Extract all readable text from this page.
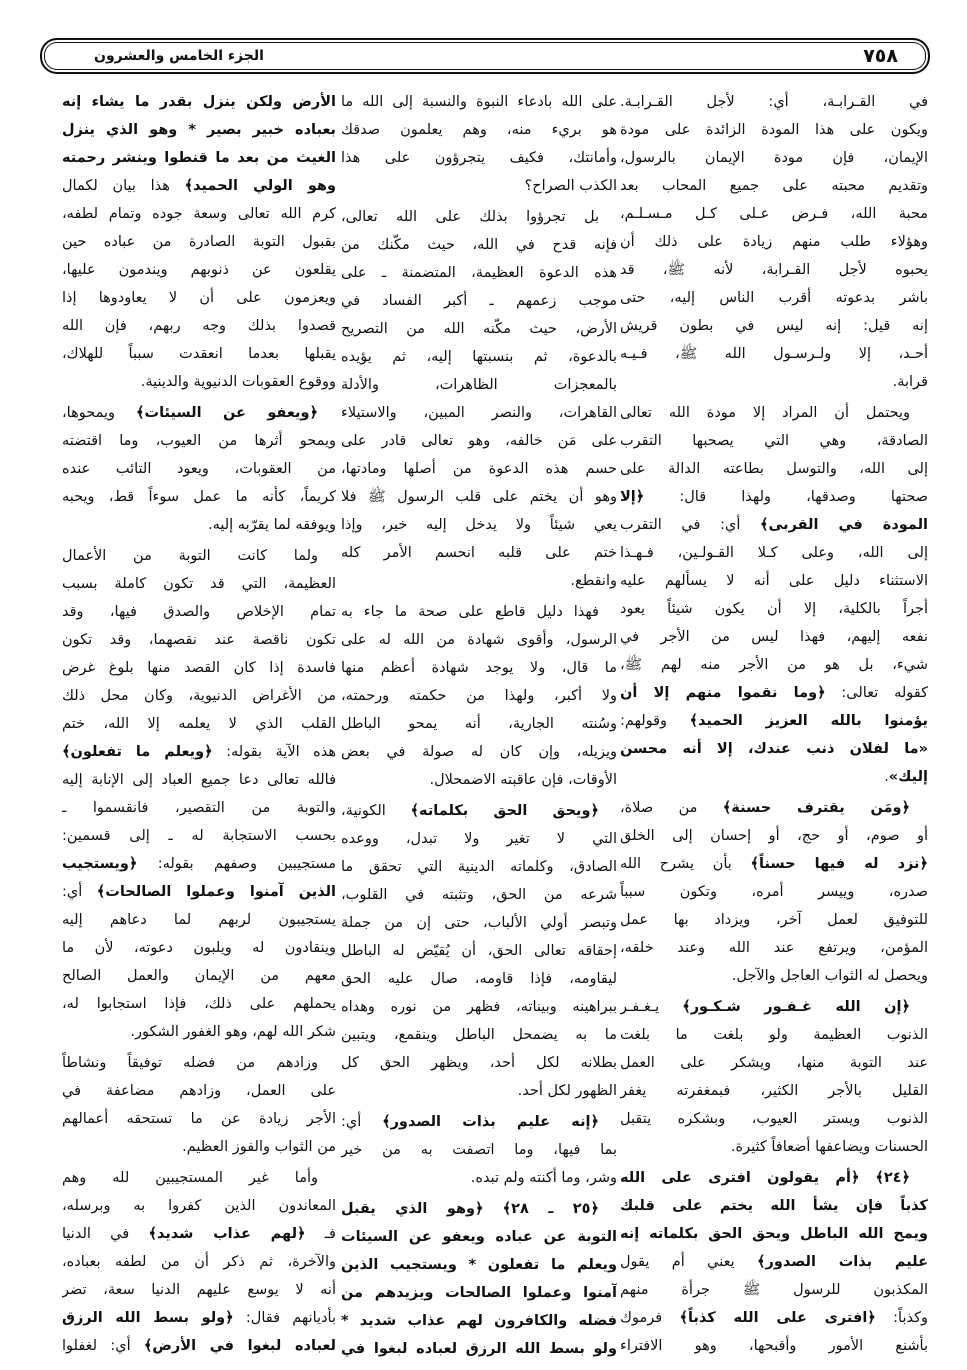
٧٥٨
الجزء الخامس والعشرون
في القـرابـة، أي: لأجل القـرابـة.
ويكون على هذا المودة الزائدة على مودة
الإيمان، فإن مودة الإيمان بالرسول،
وتقديم محبته على جميع المحاب بعد
محبة الله، فـرض عـلى كـل مـسـلـم،
وهؤلاء طلب منهم زيادة على ذلك أن
يحبوه لأجل القـرابة، لأنه ﷺ، قد
باشر بدعوته أقرب الناس إليه، حتى
إنه قيل: إنه ليس في بطون قريش
أحـد، إلا ولـرسـول الله ﷺ، فـيـه
قرابة.
ويحتمل أن المراد إلا مودة الله تعالى
الصادقة، وهي التي يصحبها التقرب
إلى الله، والتوسل بطاعته الدالة على
صحتها وصدقها، ولهذا قال: ﴿إلا
المودة في القربى﴾ أي: في التقرب
إلى الله، وعلى كـلا القـولـين، فـهـذا
الاستثناء دليل على أنه لا يسألهم عليه
أجراً بالكلية، إلا أن يكون شيئاً يعود
نفعه إليهم، فهذا ليس من الأجر في
شيء، بل هو من الأجر منه لهم ﷺ،
كقوله تعالى: ﴿وما نقموا منهم إلا أن
يؤمنوا بالله العزيز الحميد﴾ وقولهم:
«ما لفلان ذنب عندك، إلا أنه محسن
إليك».
﴿ومَن يقترف حسنة﴾ من صلاة،
أو صوم، أو حج، أو إحسان إلى الخلق
﴿نزد له فيها حسناً﴾ بأن يشرح الله
صدره، وييسر أمره، وتكون سبباً
للتوفيق لعمل آخر، ويزداد بها عمل
المؤمن، ويرتفع عند الله وعند خلقه،
ويحصل له الثواب العاجل والآجل.
﴿إن الله غـفـور شـكـور﴾ يـغـفـر
الذنوب العظيمة ولو بلغت ما بلغت
عند التوبة منها، ويشكر على العمل
القليل بالأجر الكثير، فبمغفرته يغفر
الذنوب ويستر العيوب، وبشكره يتقبل
الحسنات ويضاعفها أضعافاً كثيرة.
﴿٢٤﴾ ﴿أم يقولون افترى على الله
كذباً فإن يشأ الله يختم على قلبك
ويمح الله الباطل ويحق الحق بكلماته إنه
عليم بذات الصدور﴾ يعني أم يقول
المكذبون للرسول ﷺ جرأة منهم
وكذباً: ﴿افترى على الله كذباً﴾ فرموك
بأشنع الأمور وأقبحها، وهو الافتراء
على الله بادعاء النبوة والنسبة إلى الله ما
هو بريء منه، وهم يعلمون صدقك
وأمانتك، فكيف يتجرؤون على هذا
الكذب الصراح؟
بل تجرؤوا بذلك على الله تعالى،
فإنه قدح في الله، حيث مكّنك من
هذه الدعوة العظيمة، المتضمنة ـ على
موجب زعمهم ـ أكبر الفساد في
الأرض، حيث مكّنه الله من التصريح
بالدعوة، ثم بنسبتها إليه، ثم يؤيده
بالمعجزات الظاهرات، والأدلة
القاهرات، والنصر المبين، والاستيلاء
على مَن خالفه، وهو تعالى قادر على
حسم هذه الدعوة من أصلها ومادتها،
وهو أن يختم على قلب الرسول ﷺ فلا
يعي شيئاً ولا يدخل إليه خير، وإذا
ختم على قلبه انحسم الأمر كله
وانقطع.
فهذا دليل قاطع على صحة ما جاء به
الرسول، وأقوى شهادة من الله له على
ما قال، ولا يوجد شهادة أعظم منها
ولا أكبر، ولهذا من حكمته ورحمته،
وسُنته الجارية، أنه يمحو الباطل
ويزيله، وإن كان له صولة في بعض
الأوقات، فإن عاقبته الاضمحلال.
﴿ويحق الحق بكلماته﴾ الكونية،
التي لا تغير ولا تبدل، ووعده
الصادق، وكلماته الدينية التي تحقق ما
شرعه من الحق، وتثبته في القلوب،
وتبصر أولي الألباب، حتى إن من جملة
إحقاقه تعالى الحق، أن يُقيّض له الباطل
ليقاومه، فإذا قاومه، صال عليه الحق
ببراهينه وبيناته، فظهر من نوره وهداه
ما به يضمحل الباطل وينقمع، ويتبين
بطلانه لكل أحد، ويظهر الحق كل
الظهور لكل أحد.
﴿إنه عليم بذات الصدور﴾ أي:
بما فيها، وما اتصفت به من خير
وشر، وما أكنته ولم تبده.
﴿٢٥ ـ ٢٨﴾ ﴿وهو الذي يقبل
التوبة عن عباده ويعفو عن السيئات
ويعلم ما تفعلون * ويستجيب الذين
آمنوا وعملوا الصالحات ويزيدهم من
فضله والكافرون لهم عذاب شديد *
ولو بسط الله الرزق لعباده لبغوا في
الأرض ولكن ينزل بقدر ما يشاء إنه
بعباده خبير بصير * وهو الذي ينزل
الغيث من بعد ما قنطوا وينشر رحمته
وهو الولي الحميد﴾ هذا بيان لكمال
كرم الله تعالى وسعة جوده وتمام لطفه،
بقبول التوبة الصادرة من عباده حين
يقلعون عن ذنوبهم ويندمون عليها،
ويعزمون على أن لا يعاودوها إذا
قصدوا بذلك وجه ربهم، فإن الله
يقبلها بعدما انعقدت سبباً للهلاك،
ووقوع العقوبات الدنيوية والدينية.
﴿ويعفو عن السيئات﴾ ويمحوها،
ويمحو أثرها من العيوب، وما اقتضته
من العقوبات، ويعود التائب عنده
كريماً، كأنه ما عمل سوءاً قط، ويحبه
ويوفقه لما يقرّبه إليه.
ولما كانت التوبة من الأعمال
العظيمة، التي قد تكون كاملة بسبب
تمام الإخلاص والصدق فيها، وقد
تكون ناقصة عند نقصهما، وقد تكون
فاسدة إذا كان القصد منها بلوغ غرض
من الأغراض الدنيوية، وكان محل ذلك
القلب الذي لا يعلمه إلا الله، ختم
هذه الآية بقوله: ﴿ويعلم ما تفعلون﴾
فالله تعالى دعا جميع العباد إلى الإنابة إليه
والتوبة من التقصير، فانقسموا ـ
بحسب الاستجابة له ـ إلى قسمين:
مستجيبين وصفهم بقوله: ﴿ويستجيب
الذين آمنوا وعملوا الصالحات﴾ أي:
يستجيبون لربهم لما دعاهم إليه
وينقادون له ويلبون دعوته، لأن ما
معهم من الإيمان والعمل الصالح
يحملهم على ذلك، فإذا استجابوا له،
شكر الله لهم، وهو الغفور الشكور.
وزادهم من فضله توفيقاً ونشاطاً
على العمل، وزادهم مضاعفة في
الأجر زيادة عن ما تستحقه أعمالهم
من الثواب والفوز العظيم.
وأما غير المستجيبين لله وهم
المعاندون الذين كفروا به وبرسله،
فـ ﴿لهم عذاب شديد﴾ في الدنيا
والآخرة، ثم ذكر أن من لطفه بعباده،
أنه لا يوسع عليهم الدنيا سعة، تضر
بأديانهم فقال: ﴿ولو بسط الله الرزق
لعباده لبغوا في الأرض﴾ أي: لغفلوا
